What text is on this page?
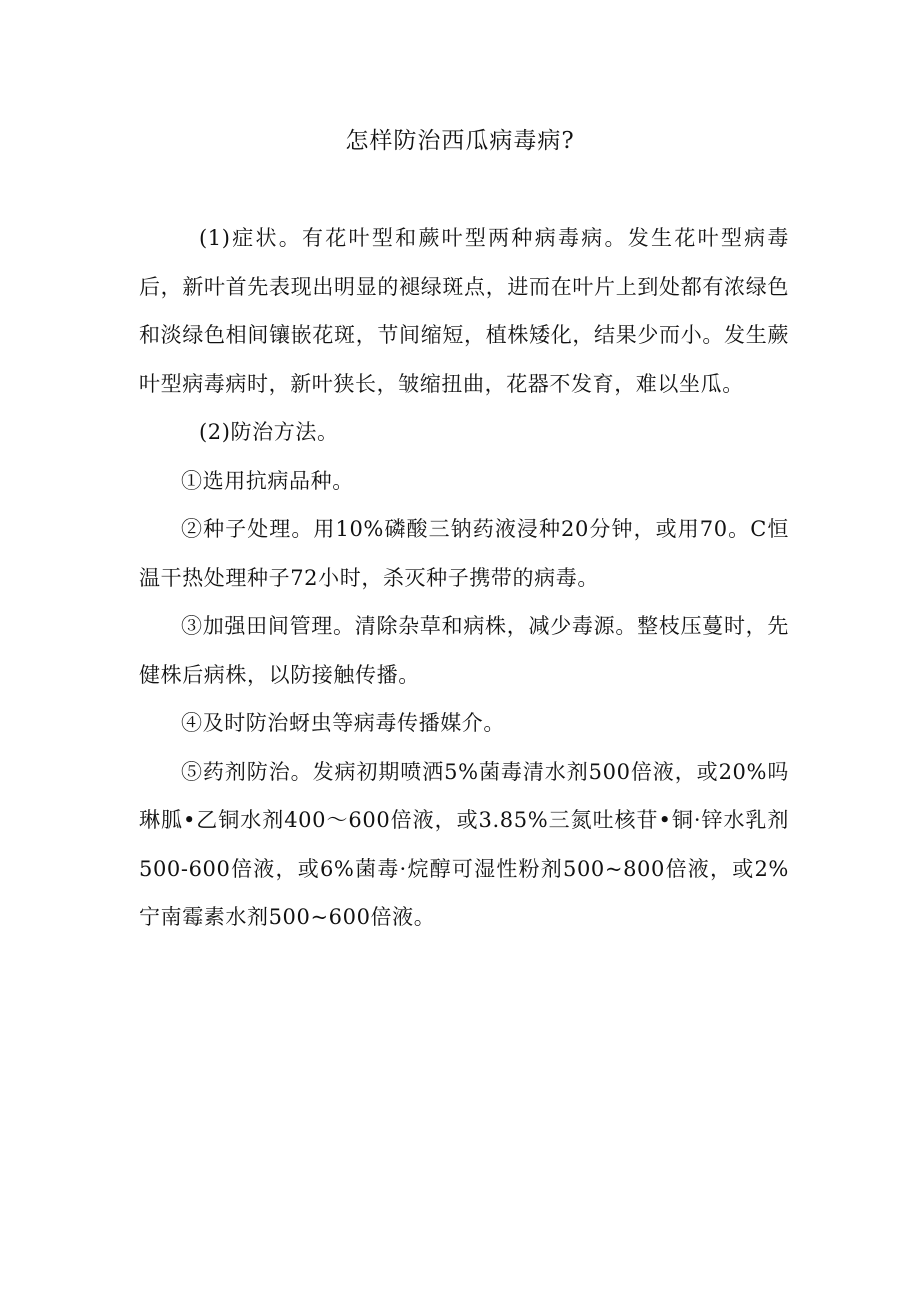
怎样防治西瓜病毒病?

(1)症状。有花叶型和蕨叶型两种病毒病。发生花叶型病毒后，新叶首先表现出明显的褪绿斑点，进而在叶片上到处都有浓绿色和淡绿色相间镶嵌花斑，节间缩短，植株矮化，结果少而小。发生蕨叶型病毒病时，新叶狭长，皱缩扭曲，花器不发育，难以坐瓜。

(2)防治方法。

①选用抗病品种。

②种子处理。用10%磷酸三钠药液浸种20分钟，或用70。C恒温干热处理种子72小时，杀灭种子携带的病毒。

③加强田间管理。清除杂草和病株，减少毒源。整枝压蔓时，先健株后病株，以防接触传播。

④及时防治蚜虫等病毒传播媒介。

⑤药剂防治。发病初期喷洒5%菌毒清水剂500倍液，或20%吗琳胍•乙铜水剂400～600倍液，或3.85%三氮吐核苷•铜·锌水乳剂500-600倍液，或6%菌毒·烷醇可湿性粉剂500~800倍液，或2%宁南霉素水剂500~600倍液。
